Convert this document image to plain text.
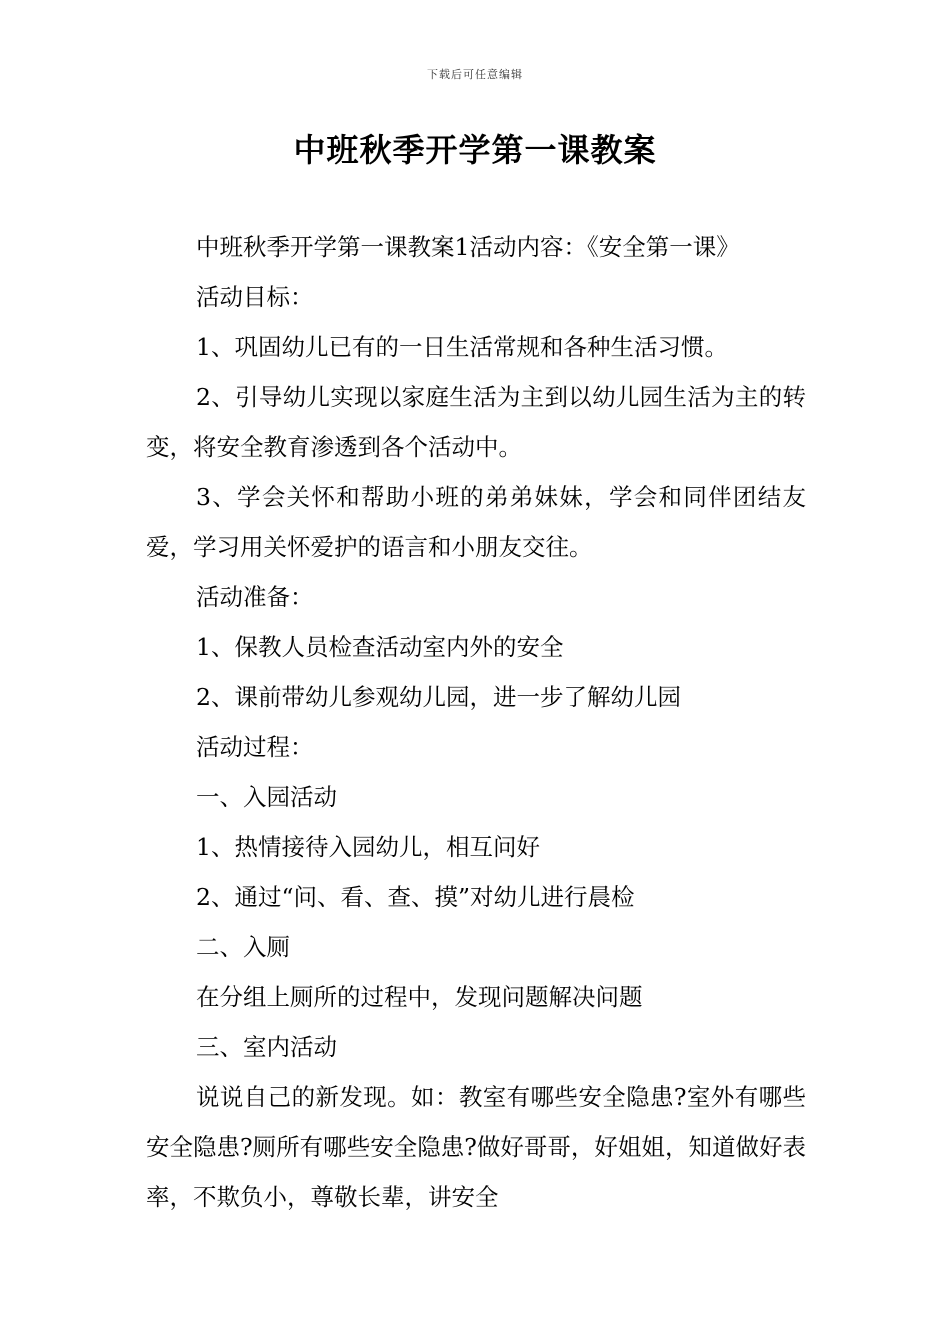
下载后可任意编辑
中班秋季开学第一课教案

中班秋季开学第一课教案1活动内容：《安全第一课》

活动目标：

1、巩固幼儿已有的一日生活常规和各种生活习惯。

2、引导幼儿实现以家庭生活为主到以幼儿园生活为主的转变，将安全教育渗透到各个活动中。

3、学会关怀和帮助小班的弟弟妹妹，学会和同伴团结友爱，学习用关怀爱护的语言和小朋友交往。

活动准备：

1、保教人员检查活动室内外的安全

2、课前带幼儿参观幼儿园，进一步了解幼儿园

活动过程：

一、入园活动

1、热情接待入园幼儿，相互问好

2、通过“问、看、查、摸”对幼儿进行晨检

二、入厕

在分组上厕所的过程中，发现问题解决问题

三、室内活动

说说自己的新发现。如：教室有哪些安全隐患?室外有哪些安全隐患?厕所有哪些安全隐患?做好哥哥，好姐姐，知道做好表率，不欺负小，尊敬长辈，讲安全
